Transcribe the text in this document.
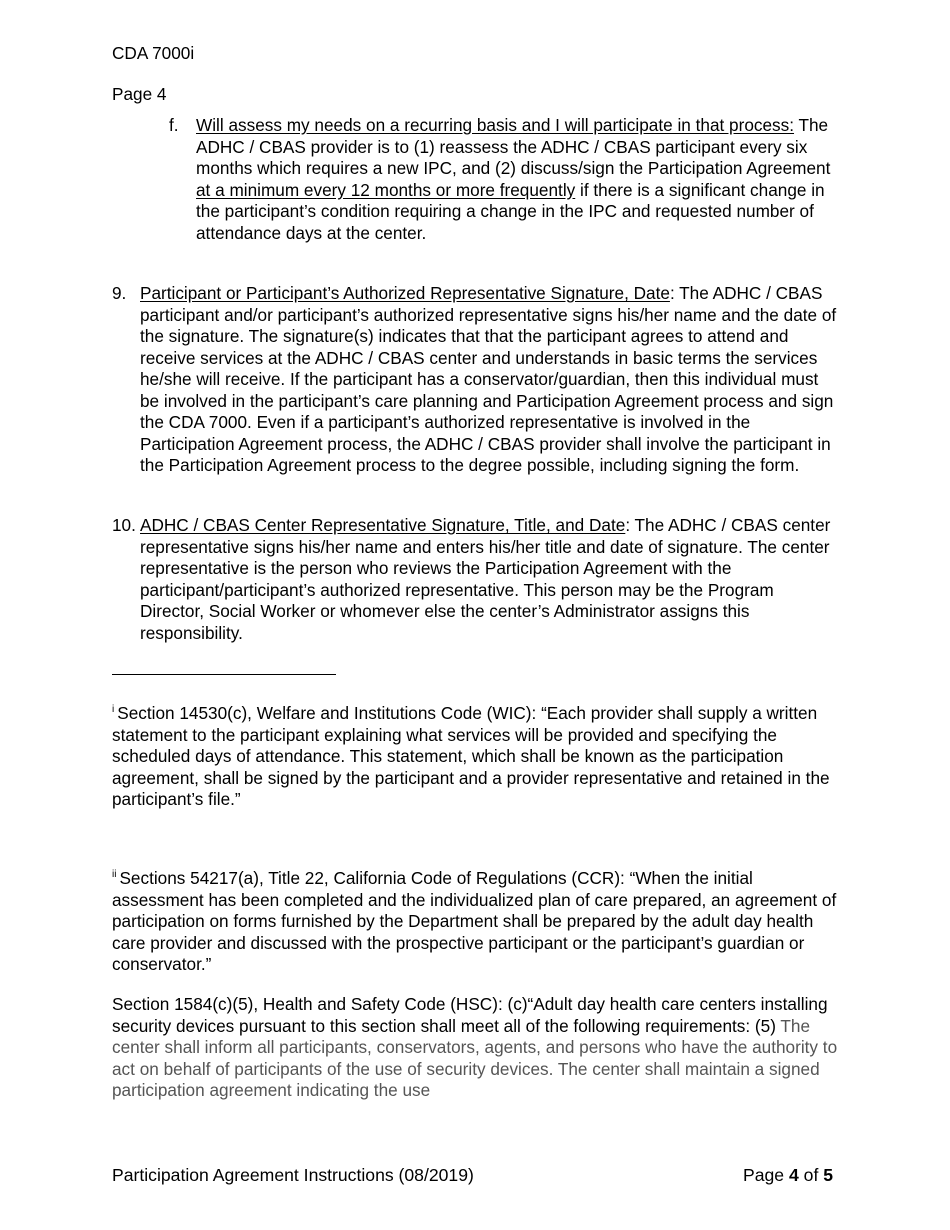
CDA 7000i
Page 4
f. Will assess my needs on a recurring basis and I will participate in that process: The ADHC / CBAS provider is to (1) reassess the ADHC / CBAS participant every six months which requires a new IPC, and (2) discuss/sign the Participation Agreement at a minimum every 12 months or more frequently if there is a significant change in the participant’s condition requiring a change in the IPC and requested number of attendance days at the center.
9. Participant or Participant’s Authorized Representative Signature, Date: The ADHC / CBAS participant and/or participant’s authorized representative signs his/her name and the date of the signature. The signature(s) indicates that that the participant agrees to attend and receive services at the ADHC / CBAS center and understands in basic terms the services he/she will receive. If the participant has a conservator/guardian, then this individual must be involved in the participant’s care planning and Participation Agreement process and sign the CDA 7000. Even if a participant’s authorized representative is involved in the Participation Agreement process, the ADHC / CBAS provider shall involve the participant in the Participation Agreement process to the degree possible, including signing the form.
10. ADHC / CBAS Center Representative Signature, Title, and Date: The ADHC / CBAS center representative signs his/her name and enters his/her title and date of signature. The center representative is the person who reviews the Participation Agreement with the participant/participant’s authorized representative. This person may be the Program Director, Social Worker or whomever else the center’s Administrator assigns this responsibility.
$^i$ Section 14530(c), Welfare and Institutions Code (WIC): “Each provider shall supply a written statement to the participant explaining what services will be provided and specifying the scheduled days of attendance. This statement, which shall be known as the participation agreement, shall be signed by the participant and a provider representative and retained in the participant’s file.”
$^{ii}$ Sections 54217(a), Title 22, California Code of Regulations (CCR): “When the initial assessment has been completed and the individualized plan of care prepared, an agreement of participation on forms furnished by the Department shall be prepared by the adult day health care provider and discussed with the prospective participant or the participant’s guardian or conservator.”
Section 1584(c)(5), Health and Safety Code (HSC): (c)“Adult day health care centers installing security devices pursuant to this section shall meet all of the following requirements: (5) The center shall inform all participants, conservators, agents, and persons who have the authority to act on behalf of participants of the use of security devices. The center shall maintain a signed participation agreement indicating the use
Participation Agreement Instructions (08/2019)	Page 4 of 5
